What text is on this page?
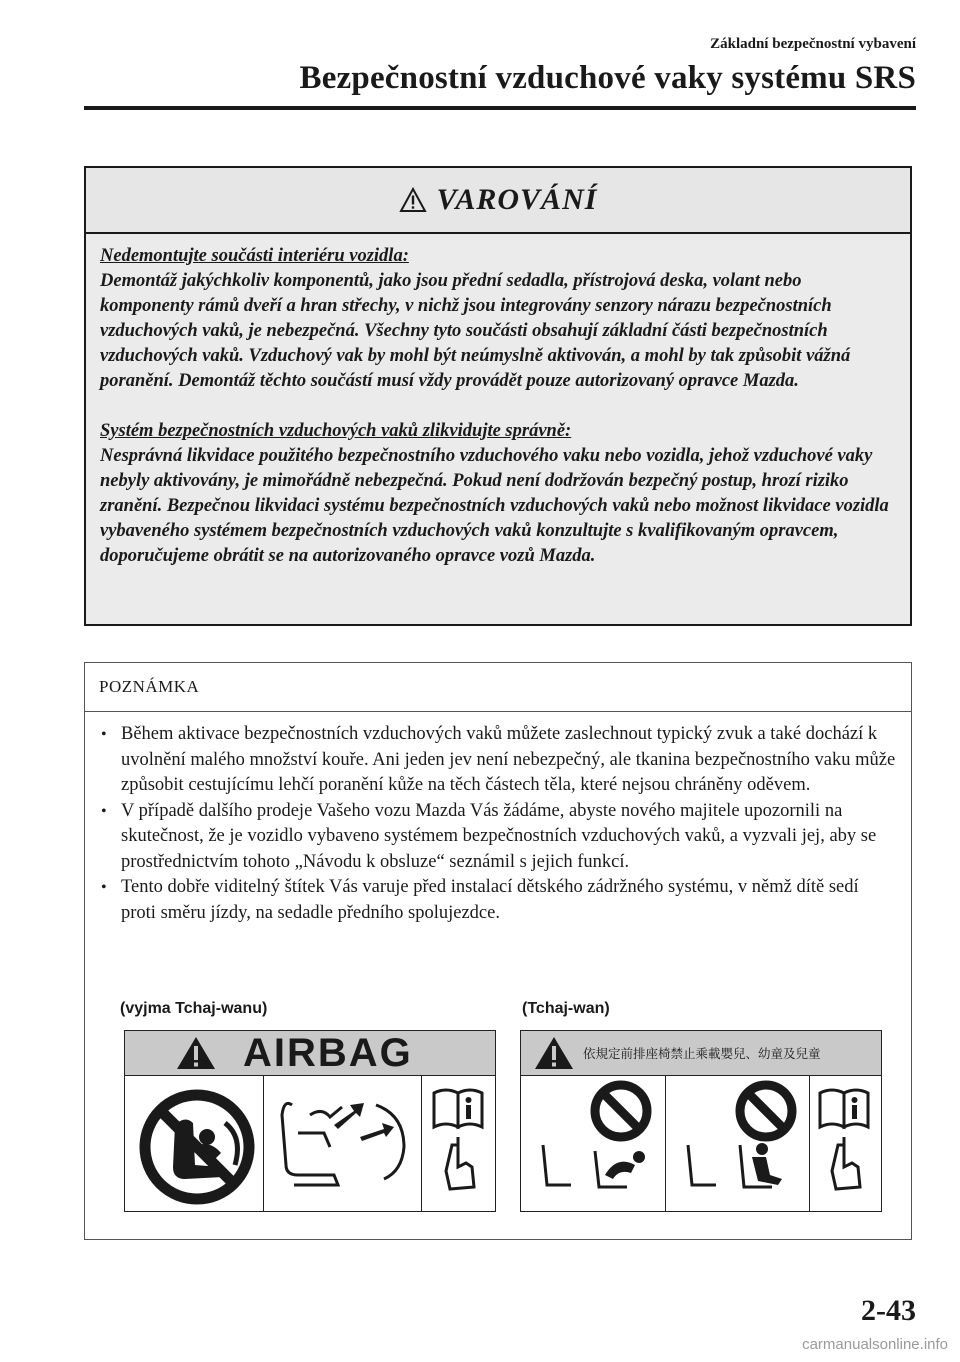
Základní bezpečnostní vybavení
Bezpečnostní vzduchové vaky systému SRS
VAROVÁNÍ

Nedemontujte součásti interiéru vozidla:

Demontáž jakýchkoliv komponentů, jako jsou přední sedadla, přístrojová deska, volant nebo komponenty rámů dveří a hran střechy, v nichž jsou integrovány senzory nárazu bezpečnostních vzduchových vaků, je nebezpečná. Všechny tyto součásti obsahují základní části bezpečnostních vzduchových vaků. Vzduchový vak by mohl být neúmyslně aktivován, a mohl by tak způsobit vážná poranění. Demontáž těchto součástí musí vždy provádět pouze autorizovaný opravce Mazda.

Systém bezpečnostních vzduchových vaků zlikvidujte správně:

Nesprávná likvidace použitého bezpečnostního vzduchového vaku nebo vozidla, jehož vzduchové vaky nebyly aktivovány, je mimořádně nebezpečná. Pokud není dodržován bezpečný postup, hrozí riziko zranění. Bezpečnou likvidaci systému bezpečnostních vzduchových vaků nebo možnost likvidace vozidla vybaveného systémem bezpečnostních vzduchových vaků konzultujte s kvalifikovaným opravcem, doporučujeme obrátit se na autorizovaného opravce vozů Mazda.

POZNÁMKA
• Během aktivace bezpečnostních vzduchových vaků můžete zaslechnout typický zvuk a také dochází k uvolnění malého množství kouře. Ani jeden jev není nebezpečný, ale tkanina bezpečnostního vaku může způsobit cestujícímu lehčí poranění kůže na těch částech těla, které nejsou chráněny oděvem.
• V případě dalšího prodeje Vašeho vozu Mazda Vás žádáme, abyste nového majitele upozornili na skutečnost, že je vozidlo vybaveno systémem bezpečnostních vzduchových vaků, a vyzvali jej, aby se prostřednictvím tohoto „Návodu k obsluze“ seznámil s jejich funkcí.
• Tento dobře viditelný štítek Vás varuje před instalací dětského zádržného systému, v němž dítě sedí proti směru jízdy, na sedadle předního spolujezdce.
(vyjma Tchaj-wanu)	(Tchaj-wan)
AIRBAG	依規定前排座椅禁止乘載嬰兒、幼童及兒童
2-43
carmanualsonline.info
